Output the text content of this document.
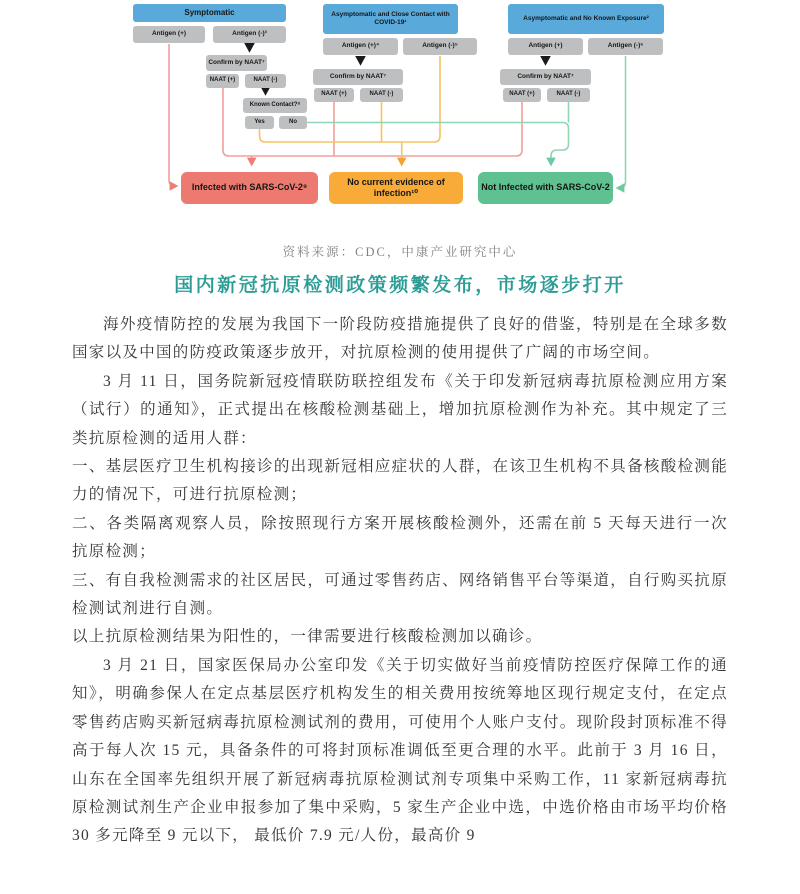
Symptomatic
Antigen (+)	Antigen (-)³
Confirm by NAAT⁷
NAAT (+)	NAAT (-)
Known Contact?⁸
Yes	No
Asymptomatic and Close Contact with COVID-19¹
Antigen (+)⁴	Antigen (-)⁵
Confirm by NAAT⁷
NAAT (+)	NAAT (-)
Asymptomatic and No Known Exposure²
Antigen (+)	Antigen (-)⁶
Confirm by NAAT⁷
NAAT (+)	NAAT (-)
Infected with SARS-CoV-2⁹
No current evidence of infection¹⁰
Not Infected with SARS-CoV-2
资料来源：CDC，中康产业研究中心
国内新冠抗原检测政策频繁发布，市场逐步打开

海外疫情防控的发展为我国下一阶段防疫措施提供了良好的借鉴，特别是在全球多数国家以及中国的防疫政策逐步放开，对抗原检测的使用提供了广阔的市场空间。

3 月 11 日，国务院新冠疫情联防联控组发布《关于印发新冠病毒抗原检测应用方案（试行）的通知》，正式提出在核酸检测基础上，增加抗原检测作为补充。其中规定了三类抗原检测的适用人群：

一、基层医疗卫生机构接诊的出现新冠相应症状的人群，在该卫生机构不具备核酸检测能力的情况下，可进行抗原检测；

二、各类隔离观察人员，除按照现行方案开展核酸检测外，还需在前 5 天每天进行一次抗原检测；

三、有自我检测需求的社区居民，可通过零售药店、网络销售平台等渠道，自行购买抗原检测试剂进行自测。

以上抗原检测结果为阳性的，一律需要进行核酸检测加以确诊。

3 月 21 日，国家医保局办公室印发《关于切实做好当前疫情防控医疗保障工作的通知》，明确参保人在定点基层医疗机构发生的相关费用按统筹地区现行规定支付，在定点零售药店购买新冠病毒抗原检测试剂的费用，可使用个人账户支付。现阶段封顶标准不得高于每人次 15 元，具备条件的可将封顶标准调低至更合理的水平。此前于 3 月 16 日，山东在全国率先组织开展了新冠病毒抗原检测试剂专项集中采购工作，11 家新冠病毒抗原检测试剂生产企业申报参加了集中采购，5 家生产企业中选，中选价格由市场平均价格 30 多元降至 9 元以下， 最低价 7.9 元/人份，最高价 9
